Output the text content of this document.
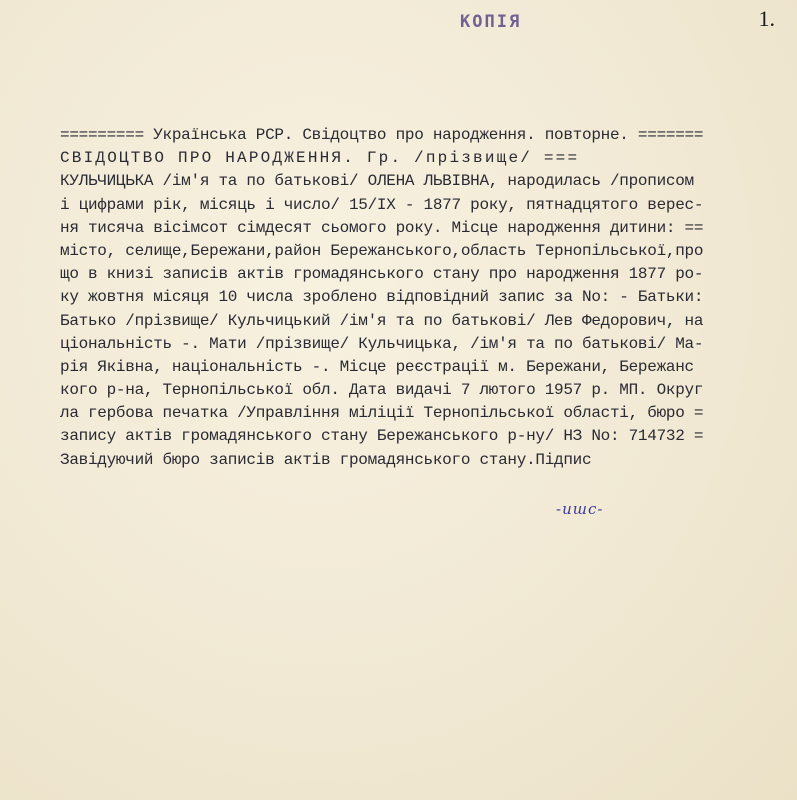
КОПІЯ	1.
========= Українська РСР. Свідоцтво про народження. повторне. =======
СВІДОЦТВО ПРО НАРОДЖЕННЯ. Гр. /прізвище/ ===
КУЛЬЧИЦЬКА /ім'я та по батькові/ ОЛЕНА ЛЬВІВНА, народилась /прописом
і цифрами рік, місяць і число/ 15/IX - 1877 року, пятнадцятого верес-
ня тисяча вісімсот сімдесят сьомого року. Місце народження дитини: ==
місто, селище,Бережани,район Бережанського,область Тернопільської,про
що в книзі записів актів громадянського стану про народження 1877 ро-
ку жовтня місяця 10 числа зроблено відповідний запис за No: - Батьки:
Батько /прізвище/ Кульчицький /ім'я та по батькові/ Лев Федорович, на
ціональність -. Мати /прізвище/ Кульчицька, /ім'я та по батькові/ Ма-
рія Яківна, національність -. Місце реєстрації м. Бережани, Бережанс
кого р-на, Тернопільської обл. Дата видачі 7 лютого 1957 р. МП. Округ
ла гербова печатка /Управління міліції Тернопільської області, бюро =
запису актів громадянського стану Бережанського р-ну/ НЗ No: 714732 =
Завідуючий бюро записів актів громадянського стану.Підпис
-ишс-
